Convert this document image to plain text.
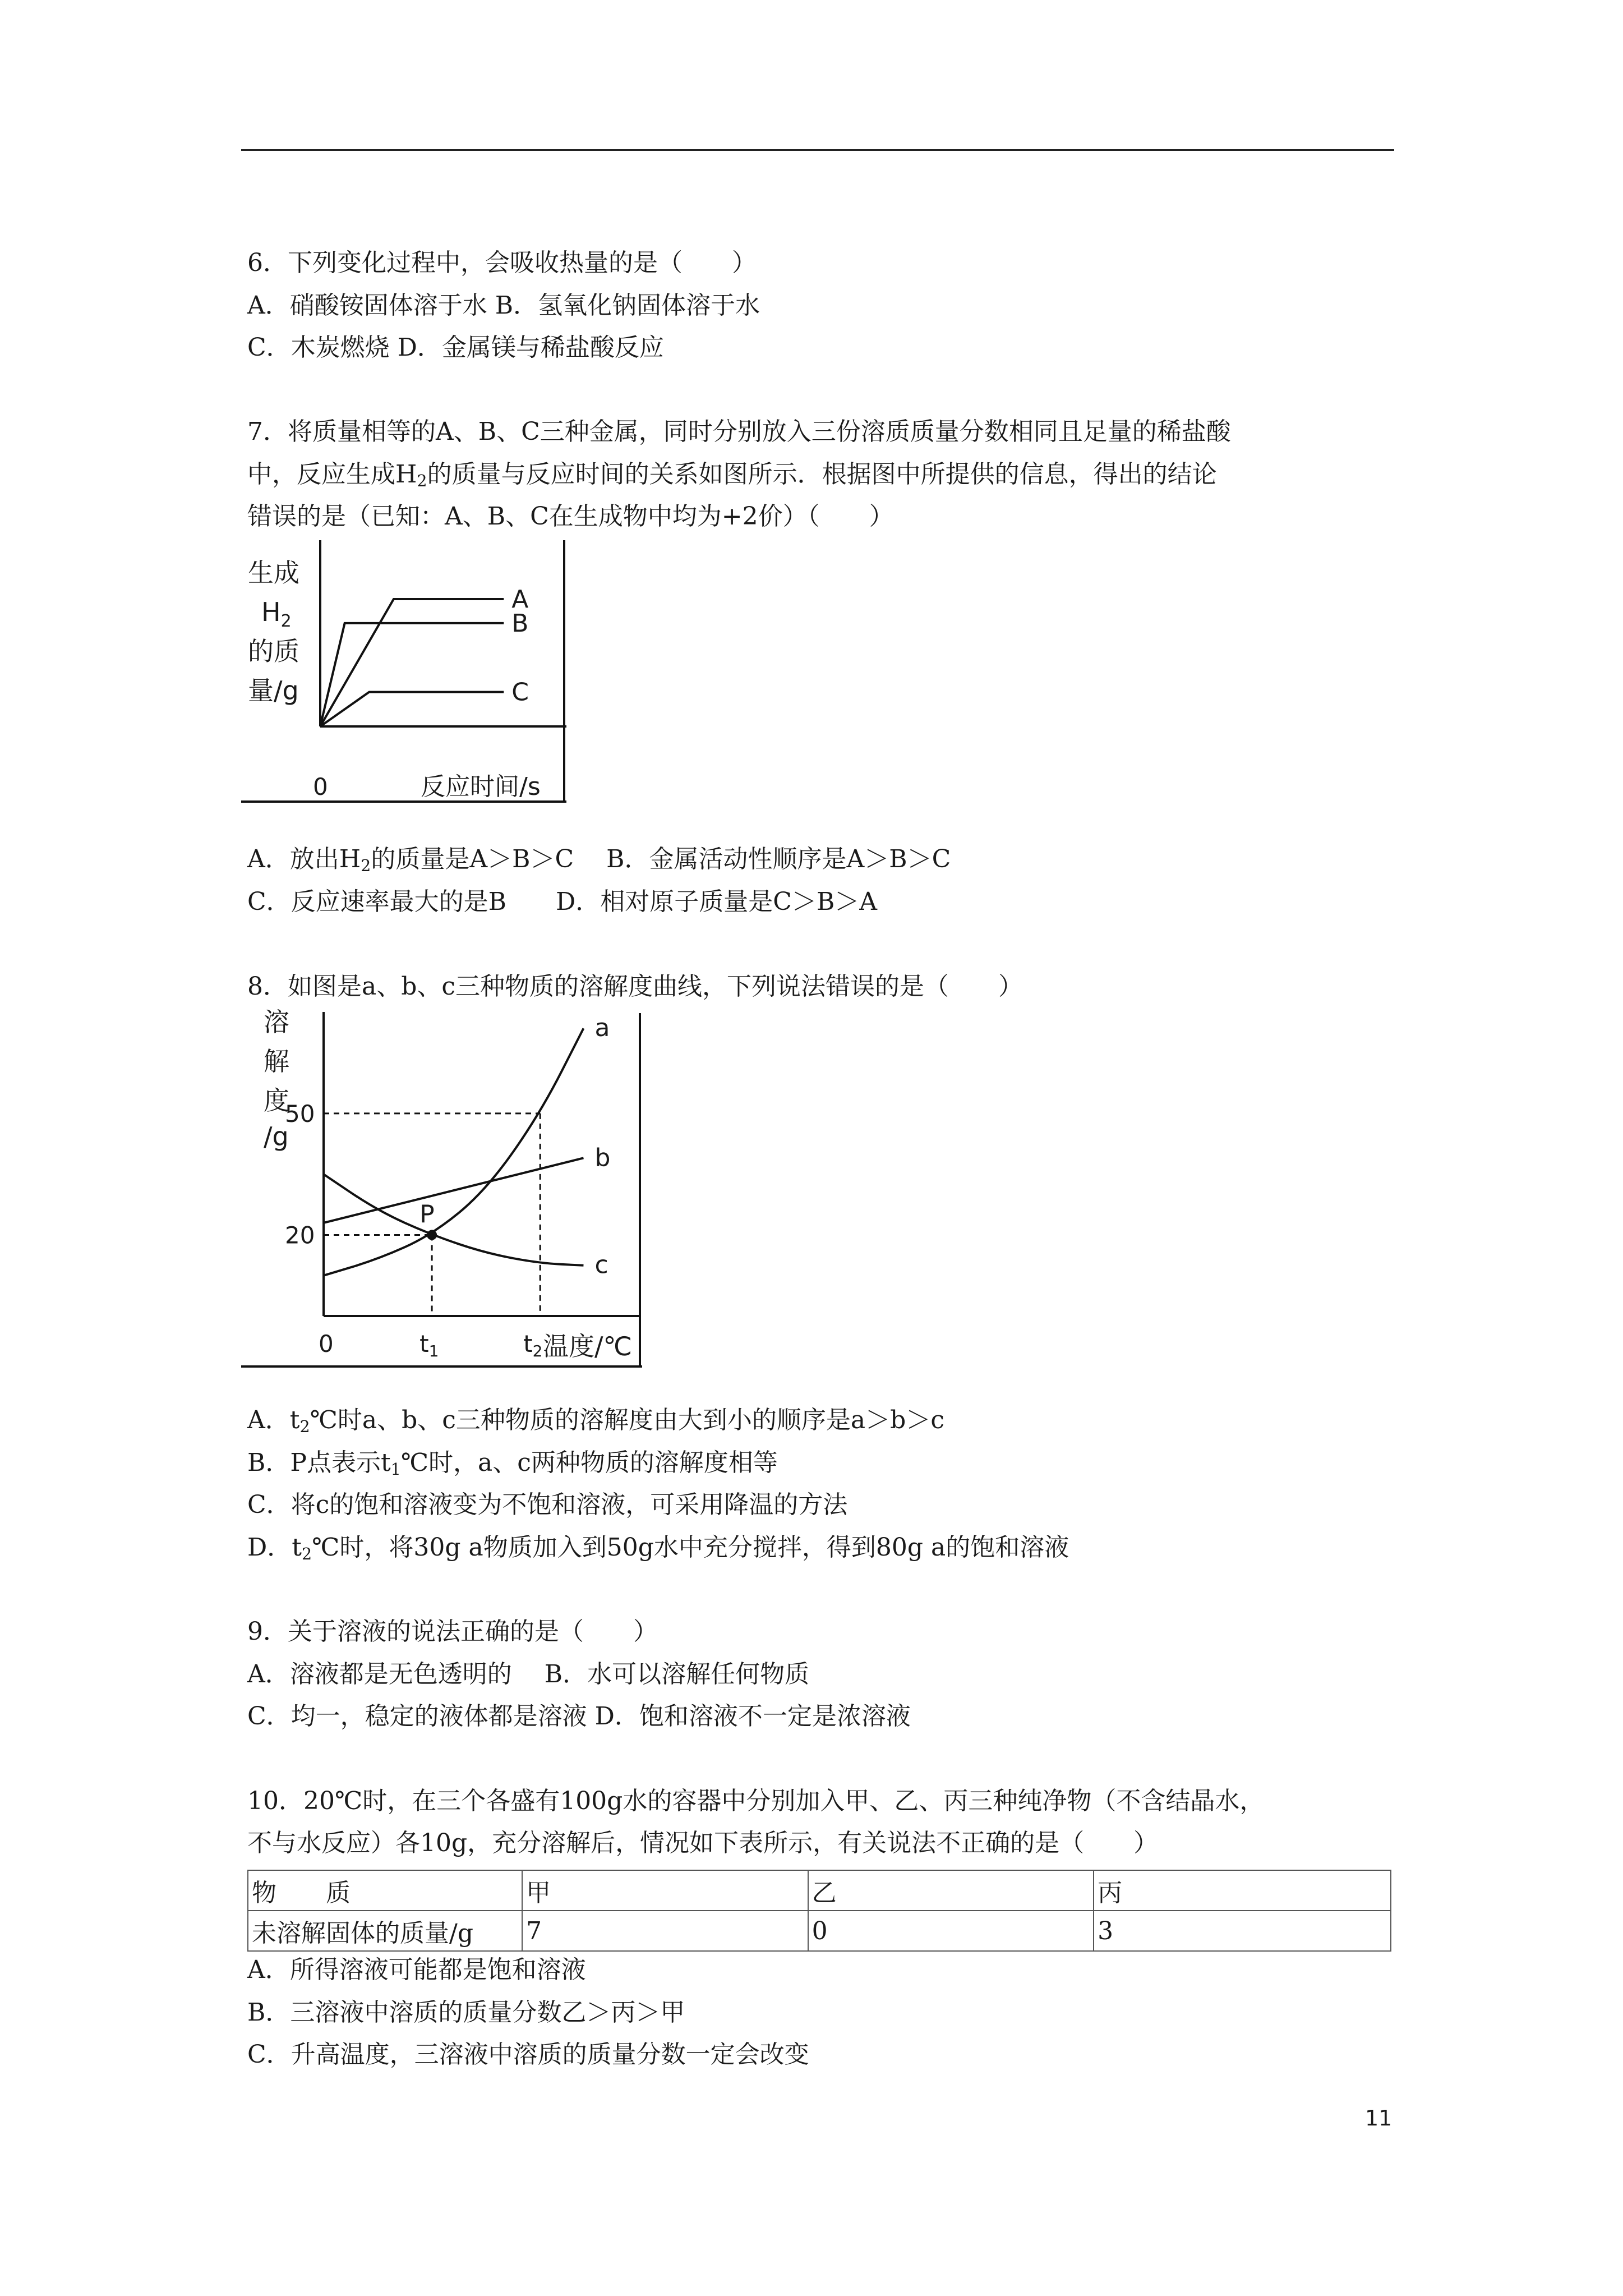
6．下列变化过程中，会吸收热量的是（　　）
A．硝酸铵固体溶于水 B．氢氧化钠固体溶于水
C．木炭燃烧 D．金属镁与稀盐酸反应
7．将质量相等的A、B、C三种金属，同时分别放入三份溶质质量分数相同且足量的稀盐酸
中，反应生成$H_2$的质量与反应时间的关系如图所示．根据图中所提供的信息，得出的结论
错误的是（已知：A、B、C在生成物中均为+2价）（　　）
生成
$H_2$
的质
量/g
0	反应时间/s
A
B
C
A．放出$H_2$的质量是A＞B＞C　 B．金属活动性顺序是A＞B＞C
C．反应速率最大的是B　　D．相对原子质量是C＞B＞A
8．如图是a、b、c三种物质的溶解度曲线，下列说法错误的是（　　）
溶
解
度
/g
50
20
0	t1	t2 温度/℃
P
a
b
c
A．$t_2℃$时a、b、c三种物质的溶解度由大到小的顺序是a＞b＞c
B．P点表示$t_1℃$时，a、c两种物质的溶解度相等
C．将c的饱和溶液变为不饱和溶液，可采用降温的方法
D．$t_2℃$时，将30g a物质加入到50g水中充分搅拌，得到80g a的饱和溶液
9．关于溶液的说法正确的是（　　）
A．溶液都是无色透明的　 B．水可以溶解任何物质
C．均一，稳定的液体都是溶液 D．饱和溶液不一定是浓溶液
10．20℃时，在三个各盛有100g水的容器中分别加入甲、乙、丙三种纯净物（不含结晶水，
不与水反应）各10g，充分溶解后，情况如下表所示，有关说法不正确的是（　　）
物　　质	甲	乙	丙
未溶解固体的质量/g	7	0	3
A．所得溶液可能都是饱和溶液
B．三溶液中溶质的质量分数乙＞丙＞甲
C．升高温度，三溶液中溶质的质量分数一定会改变
11
